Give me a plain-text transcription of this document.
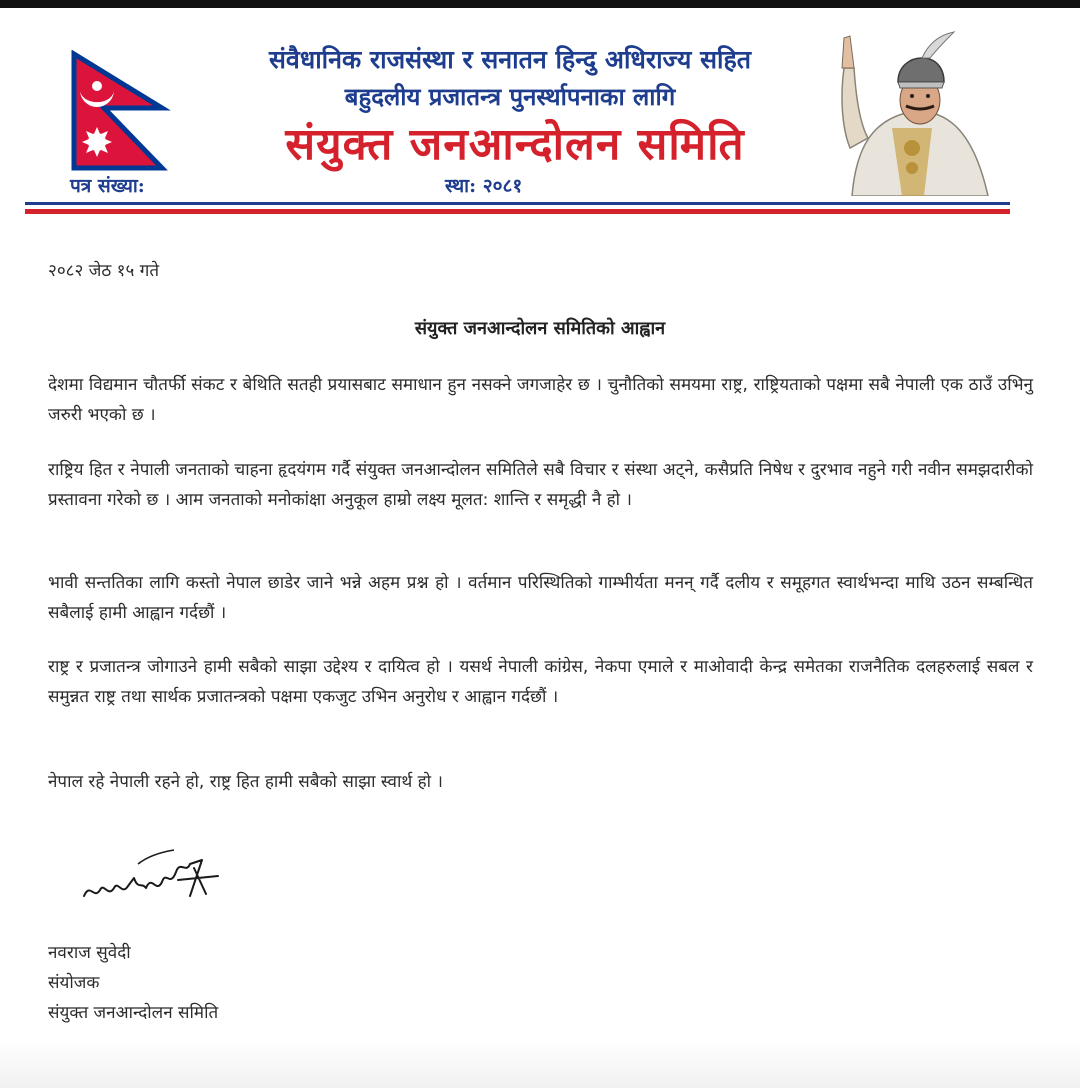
संवैधानिक राजसंस्था र सनातन हिन्दु अधिराज्य सहित
बहुदलीय प्रजातन्त्र पुनर्स्थापनाका लागि
संयुक्त जनआन्दोलन समिति
पत्र संख्या:	स्था: २०८१
२०८२ जेठ १५ गते
संयुक्त जनआन्दोलन समितिको आह्वान

देशमा विद्यमान चौतर्फी संकट र बेथिति सतही प्रयासबाट समाधान हुन नसक्ने जगजाहेर छ । चुनौतिको समयमा राष्ट्र, राष्ट्रियताको पक्षमा सबै नेपाली एक ठाउँ उभिनु जरुरी भएको छ ।

राष्ट्रिय हित र नेपाली जनताको चाहना हृदयंगम गर्दै संयुक्त जनआन्दोलन समितिले सबै विचार र संस्था अट्ने, कसैप्रति निषेध र दुरभाव नहुने गरी नवीन समझदारीको प्रस्तावना गरेको छ । आम जनताको मनोकांक्षा अनुकूल हाम्रो लक्ष्य मूलत: शान्ति र समृद्धी नै हो ।

भावी सन्ततिका लागि कस्तो नेपाल छाडेर जाने भन्ने अहम प्रश्न हो । वर्तमान परिस्थितिको गाम्भीर्यता मनन् गर्दै दलीय र समूहगत स्वार्थभन्दा माथि उठन सम्बन्धित सबैलाई हामी आह्वान गर्दछौं ।

राष्ट्र र प्रजातन्त्र जोगाउने हामी सबैको साझा उद्देश्य र दायित्व हो । यसर्थ नेपाली कांग्रेस, नेकपा एमाले र माओवादी केन्द्र समेतका राजनैतिक दलहरुलाई सबल र समुन्नत राष्ट्र तथा सार्थक प्रजातन्त्रको पक्षमा एकजुट उभिन अनुरोध र आह्वान गर्दछौं ।

नेपाल रहे नेपाली रहने हो, राष्ट्र हित हामी सबैको साझा स्वार्थ हो ।

नवराज सुवेदी
संयोजक
संयुक्त जनआन्दोलन समिति
